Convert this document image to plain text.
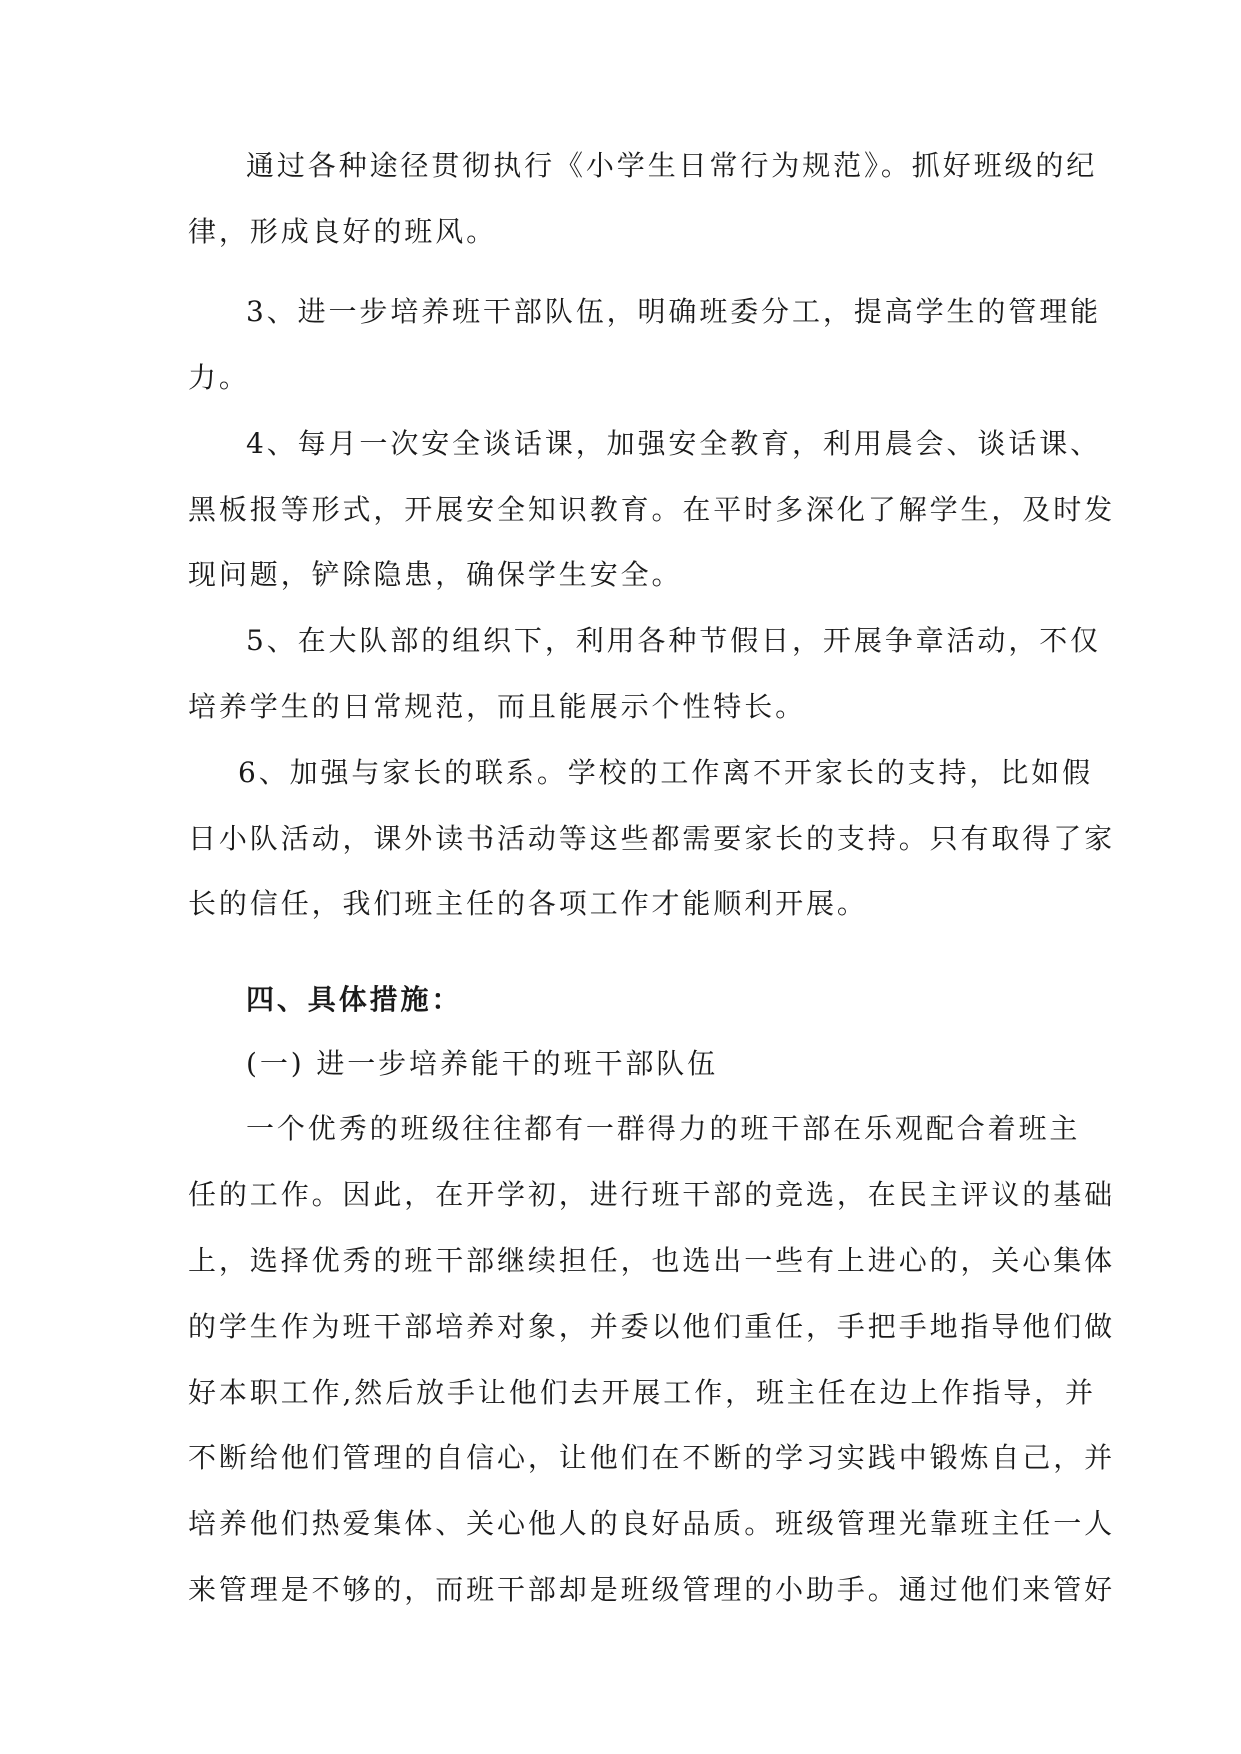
通过各种途径贯彻执行《小学生日常行为规范》。抓好班级的纪
律，形成良好的班风。
3、进一步培养班干部队伍，明确班委分工，提高学生的管理能
力。
4、每月一次安全谈话课，加强安全教育，利用晨会、谈话课、
黑板报等形式，开展安全知识教育。在平时多深化了解学生，及时发
现问题，铲除隐患，确保学生安全。
5、在大队部的组织下，利用各种节假日，开展争章活动，不仅
培养学生的日常规范，而且能展示个性特长。
6、加强与家长的联系。学校的工作离不开家长的支持，比如假
日小队活动，课外读书活动等这些都需要家长的支持。只有取得了家
长的信任，我们班主任的各项工作才能顺利开展。
四、具体措施：
(一) 进一步培养能干的班干部队伍
一个优秀的班级往往都有一群得力的班干部在乐观配合着班主
任的工作。因此，在开学初，进行班干部的竞选，在民主评议的基础
上，选择优秀的班干部继续担任，也选出一些有上进心的，关心集体
的学生作为班干部培养对象，并委以他们重任，手把手地指导他们做
好本职工作,然后放手让他们去开展工作，班主任在边上作指导，并
不断给他们管理的自信心，让他们在不断的学习实践中锻炼自己，并
培养他们热爱集体、关心他人的良好品质。班级管理光靠班主任一人
来管理是不够的，而班干部却是班级管理的小助手。通过他们来管好
